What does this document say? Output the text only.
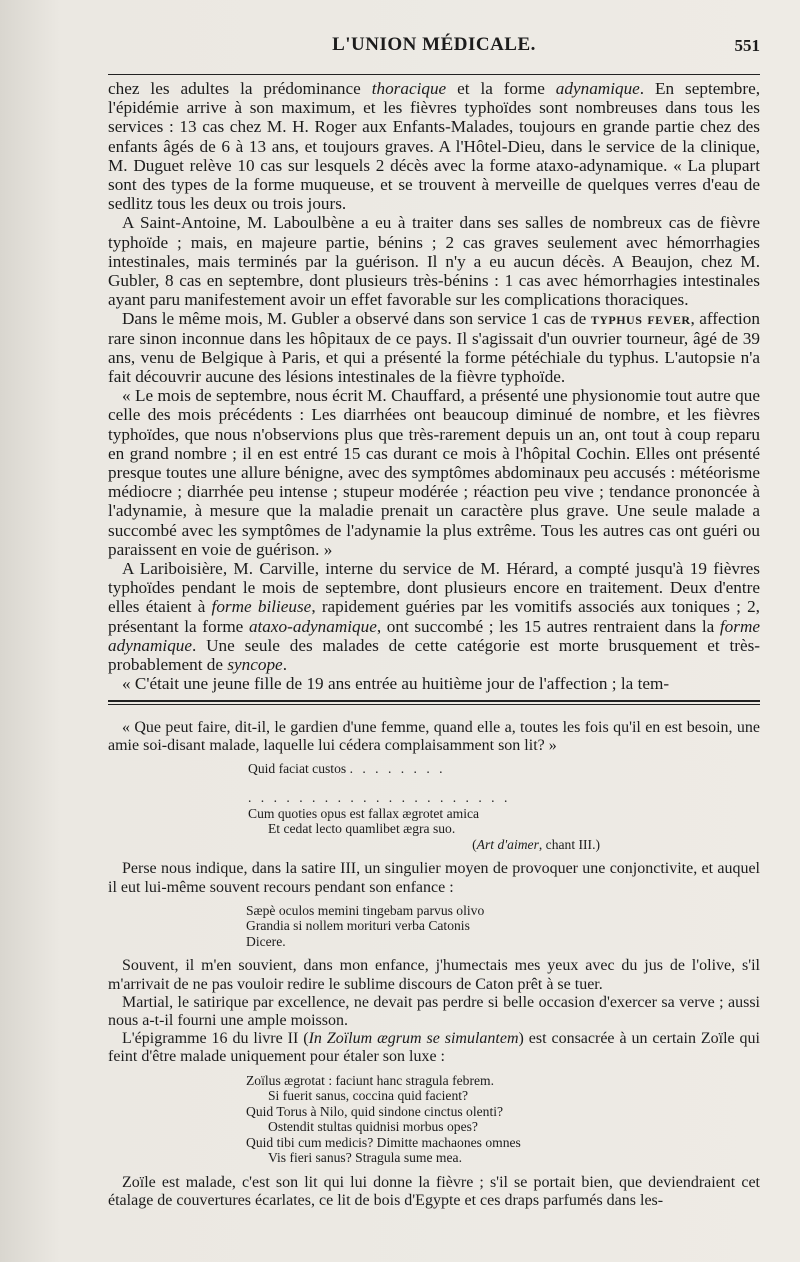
L'UNION MÉDICALE.	551

chez les adultes la prédominance thoracique et la forme adynamique. En septembre, l'épidémie arrive à son maximum, et les fièvres typhoïdes sont nombreuses dans tous les services : 13 cas chez M. H. Roger aux Enfants-Malades, toujours en grande partie chez des enfants âgés de 6 à 13 ans, et toujours graves. A l'Hôtel-Dieu, dans le service de la clinique, M. Duguet relève 10 cas sur lesquels 2 décès avec la forme ataxo-adynamique. « La plupart sont des types de la forme muqueuse, et se trouvent à merveille de quelques verres d'eau de sedlitz tous les deux ou trois jours.

A Saint-Antoine, M. Laboulbène a eu à traiter dans ses salles de nombreux cas de fièvre typhoïde ; mais, en majeure partie, bénins ; 2 cas graves seulement avec hémorrhagies intestinales, mais terminés par la guérison. Il n'y a eu aucun décès. A Beaujon, chez M. Gubler, 8 cas en septembre, dont plusieurs très-bénins : 1 cas avec hémorrhagies intestinales ayant paru manifestement avoir un effet favorable sur les complications thoraciques.

Dans le même mois, M. Gubler a observé dans son service 1 cas de typhus fever, affection rare sinon inconnue dans les hôpitaux de ce pays. Il s'agissait d'un ouvrier tourneur, âgé de 39 ans, venu de Belgique à Paris, et qui a présenté la forme pétéchiale du typhus. L'autopsie n'a fait découvrir aucune des lésions intestinales de la fièvre typhoïde.

« Le mois de septembre, nous écrit M. Chauffard, a présenté une physionomie tout autre que celle des mois précédents : Les diarrhées ont beaucoup diminué de nombre, et les fièvres typhoïdes, que nous n'observions plus que très-rarement depuis un an, ont tout à coup reparu en grand nombre ; il en est entré 15 cas durant ce mois à l'hôpital Cochin. Elles ont présenté presque toutes une allure bénigne, avec des symptômes abdominaux peu accusés : météorisme médiocre ; diarrhée peu intense ; stupeur modérée ; réaction peu vive ; tendance prononcée à l'adynamie, à mesure que la maladie prenait un caractère plus grave. Une seule malade a succombé avec les symptômes de l'adynamie la plus extrême. Tous les autres cas ont guéri ou paraissent en voie de guérison. »

A Lariboisière, M. Carville, interne du service de M. Hérard, a compté jusqu'à 19 fièvres typhoïdes pendant le mois de septembre, dont plusieurs encore en traitement. Deux d'entre elles étaient à forme bilieuse, rapidement guéries par les vomitifs associés aux toniques ; 2, présentant la forme ataxo-adynamique, ont succombé ; les 15 autres rentraient dans la forme adynamique. Une seule des malades de cette catégorie est morte brusquement et très-probablement de syncope.

« C'était une jeune fille de 19 ans entrée au huitième jour de l'affection ; la tem-

« Que peut faire, dit-il, le gardien d'une femme, quand elle a, toutes les fois qu'il en est besoin, une amie soi-disant malade, laquelle lui cédera complaisamment son lit? »

Quid faciat custos . . . . . . . .
. . . . . . . . . . . . . . . . . . . . .
Cum quoties opus est fallax ægrotet amica
Et cedat lecto quamlibet ægra suo.
(Art d'aimer, chant III.)

Perse nous indique, dans la satire III, un singulier moyen de provoquer une conjonctivite, et auquel il eut lui-même souvent recours pendant son enfance :

Sæpè oculos memini tingebam parvus olivo
Grandia si nollem morituri verba Catonis
Dicere.

Souvent, il m'en souvient, dans mon enfance, j'humectais mes yeux avec du jus de l'olive, s'il m'arrivait de ne pas vouloir redire le sublime discours de Caton prêt à se tuer.

Martial, le satirique par excellence, ne devait pas perdre si belle occasion d'exercer sa verve ; aussi nous a-t-il fourni une ample moisson.

L'épigramme 16 du livre II (In Zoïlum ægrum se simulantem) est consacrée à un certain Zoïle qui feint d'être malade uniquement pour étaler son luxe :

Zoïlus ægrotat : faciunt hanc stragula febrem.
Si fuerit sanus, coccina quid facient?
Quid Torus à Nilo, quid sindone cinctus olenti?
Ostendit stultas quidnisi morbus opes?
Quid tibi cum medicis? Dimitte machaones omnes
Vis fieri sanus? Stragula sume mea.

Zoïle est malade, c'est son lit qui lui donne la fièvre ; s'il se portait bien, que deviendraient cet étalage de couvertures écarlates, ce lit de bois d'Egypte et ces draps parfumés dans les-
